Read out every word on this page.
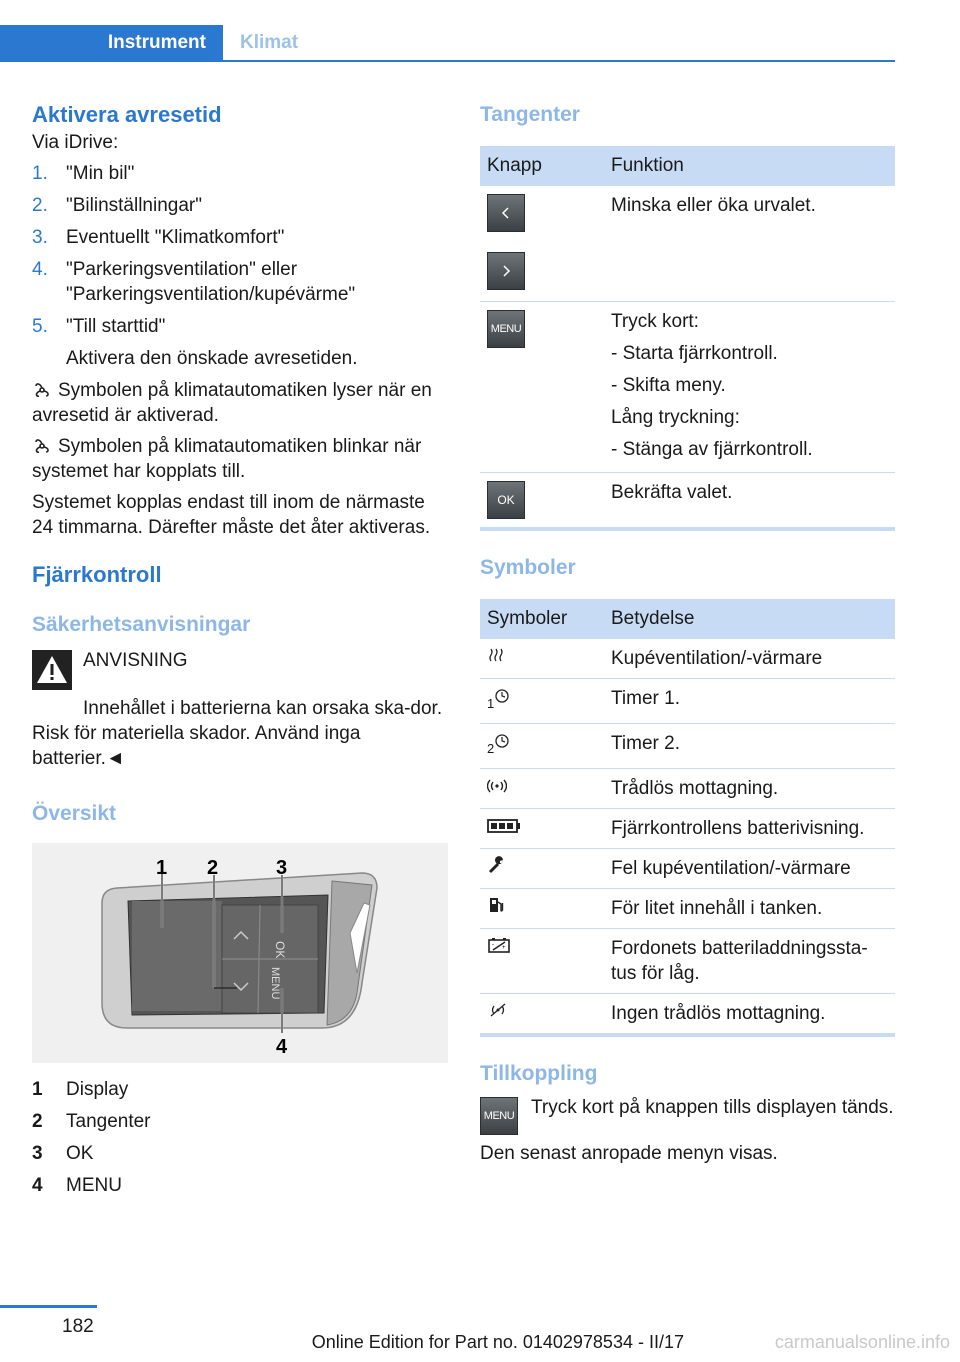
Instrument	Klimat
Aktivera avresetid

Via iDrive:

1. "Min bil"
2. "Bilinställningar"
3. Eventuellt "Klimatkomfort"
4. "Parkeringsventilation" eller "Parkeringsventilation/kupévärme"
5. "Till starttid"
Aktivera den önskade avresetiden.

Symbolen på klimatautomatiken lyser när en avresetid är aktiverad.

Symbolen på klimatautomatiken blinkar när systemet har kopplats till.

Systemet kopplas endast till inom de närmaste 24 timmarna. Därefter måste det åter aktiveras.

Fjärrkontroll
Säkerhetsanvisningar

ANVISNING

Innehållet i batterierna kan orsaka ska-dor. Risk för materiella skador. Använd inga batterier.◄

Översikt
OK
MENU
1 2	3
4
1	Display
2	Tangenter
3	OK
4	MENU
Tangenter
Knapp	Funktion

	Minska eller öka urvalet.

MENU	Tryck kort:
- Starta fjärrkontroll.
- Skifta meny.
Lång tryckning:
- Stänga av fjärrkontroll.

OK	Bekräfta valet.
Symboler
Symboler	Betydelse
	Kupéventilation/-värmare
$_1$	Timer 1.
$_2$	Timer 2.
	Trådlös mottagning.
	Fjärrkontrollens batterivisning.
	Fel kupéventilation/-värmare
	För litet innehåll i tanken.

+
-	Fordonets batteriladdningssta-tus för låg.
	Ingen trådlös mottagning.
Tillkoppling
MENU Tryck kort på knappen tills displayen tänds.

Den senast anropade menyn visas.

182
Online Edition for Part no. 01402978534 - II/17	carmanualsonline.info
